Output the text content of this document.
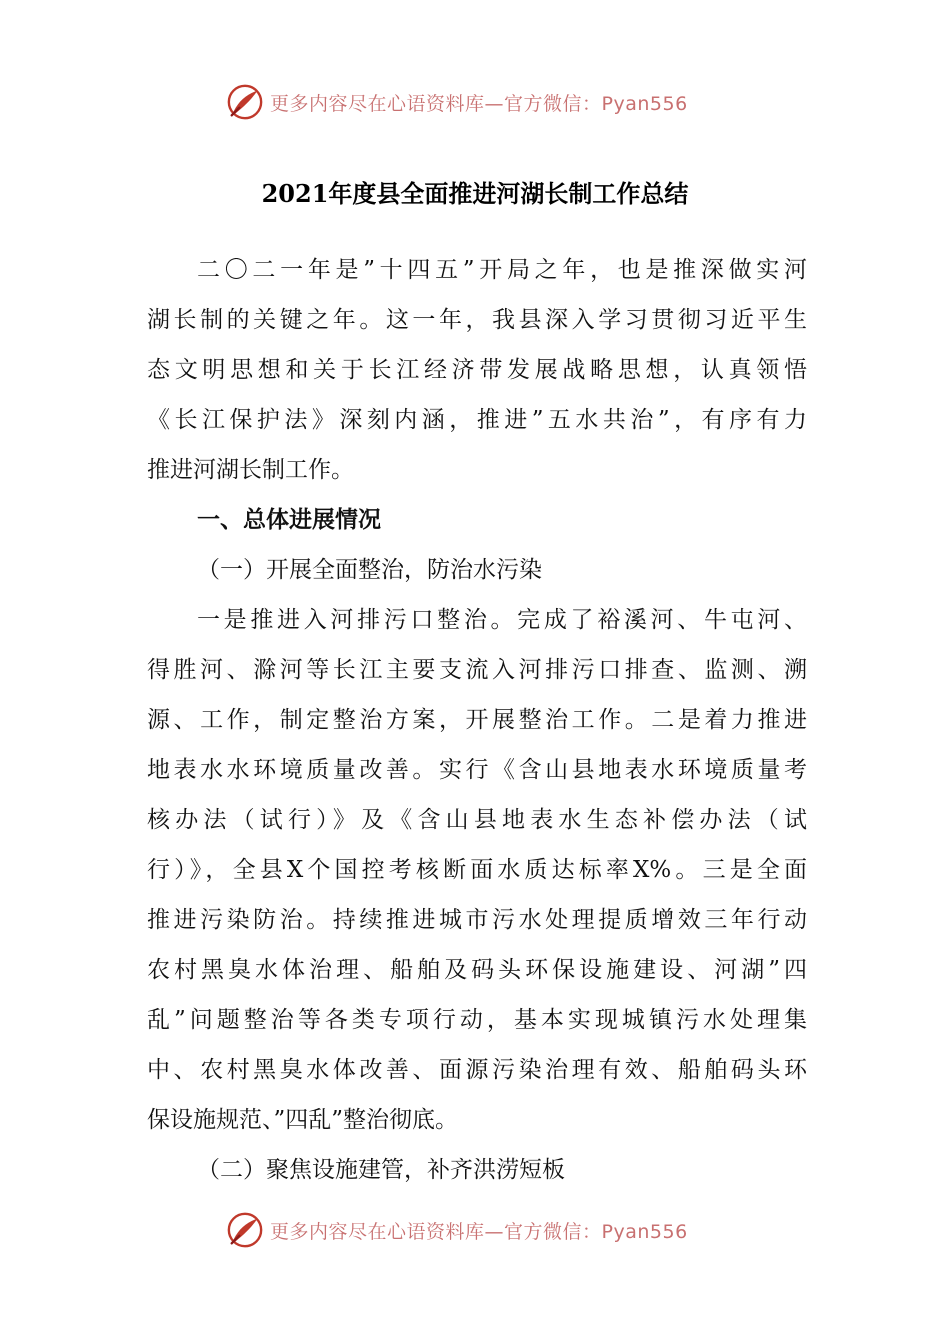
更多内容尽在心语资料库—官方微信：Pyan556
2021年度县全面推进河湖长制工作总结
二〇二一年是”十四五”开局之年，也是推深做实河
湖长制的关键之年。这一年，我县深入学习贯彻习近平生
态文明思想和关于长江经济带发展战略思想，认真领悟
《长江保护法》深刻内涵，推进”五水共治”，有序有力
推进河湖长制工作。
一、总体进展情况
（一）开展全面整治，防治水污染
一是推进入河排污口整治。完成了裕溪河、牛屯河、
得胜河、滁河等长江主要支流入河排污口排查、监测、溯
源、工作，制定整治方案，开展整治工作。二是着力推进
地表水水环境质量改善。实行《含山县地表水环境质量考
核办法（试行）》及《含山县地表水生态补偿办法（试
行）》，全县X个国控考核断面水质达标率X%。三是全面
推进污染防治。持续推进城市污水处理提质增效三年行动
农村黑臭水体治理、船舶及码头环保设施建设、河湖”四
乱”问题整治等各类专项行动，基本实现城镇污水处理集
中、农村黑臭水体改善、面源污染治理有效、船舶码头环
保设施规范、”四乱”整治彻底。
（二）聚焦设施建管，补齐洪涝短板
更多内容尽在心语资料库—官方微信：Pyan556
